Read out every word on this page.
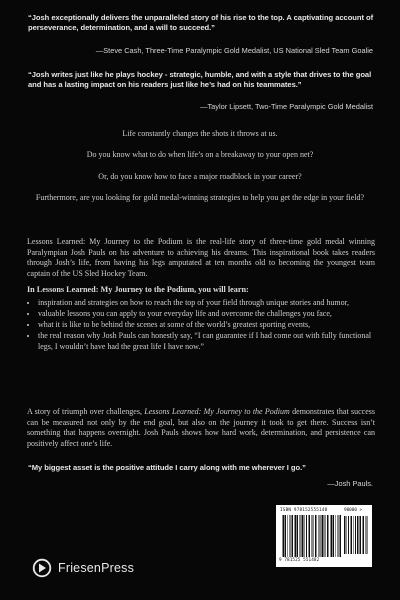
“Josh exceptionally delivers the unparalleled story of his rise to the top. A captivating account of perseverance, determination, and a will to succeed.”
—Steve Cash, Three-Time Paralympic Gold Medalist, US National Sled Team Goalie
“Josh writes just like he plays hockey - strategic, humble, and with a style that drives to the goal and has a lasting impact on his readers just like he’s had on his teammates.”
—Taylor Lipsett, Two-Time Paralympic Gold Medalist
Life constantly changes the shots it throws at us.
Do you know what to do when life’s on a breakaway to your open net?
Or, do you know how to face a major roadblock in your career?
Furthermore, are you looking for gold medal-winning strategies to help you get the edge in your field?
Lessons Learned: My Journey to the Podium is the real-life story of three-time gold medal winning Paralympian Josh Pauls on his adventure to achieving his dreams. This inspirational book takes readers through Josh’s life, from having his legs amputated at ten months old to becoming the youngest team captain of the US Sled Hockey Team.
In Lessons Learned: My Journey to the Podium, you will learn:
• inspiration and strategies on how to reach the top of your field through unique stories and humor,
• valuable lessons you can apply to your everyday life and overcome the challenges you face,
• what it is like to be behind the scenes at some of the world’s greatest sporting events,
• the real reason why Josh Pauls can honestly say, “I can guarantee if I had come out with fully functional legs, I wouldn’t have had the great life I have now.”
A story of triumph over challenges, Lessons Learned: My Journey to the Podium demonstrates that success can be measured not only by the end goal, but also on the journey it took to get there. Success isn’t something that happens overnight. Josh Pauls shows how hard work, determination, and persistence can positively affect one’s life.
“My biggest asset is the positive attitude I carry along with me wherever I go.”
—Josh Pauls.
ISBN 978152555148	90000 >
9 781525 551482
FriesenPress
